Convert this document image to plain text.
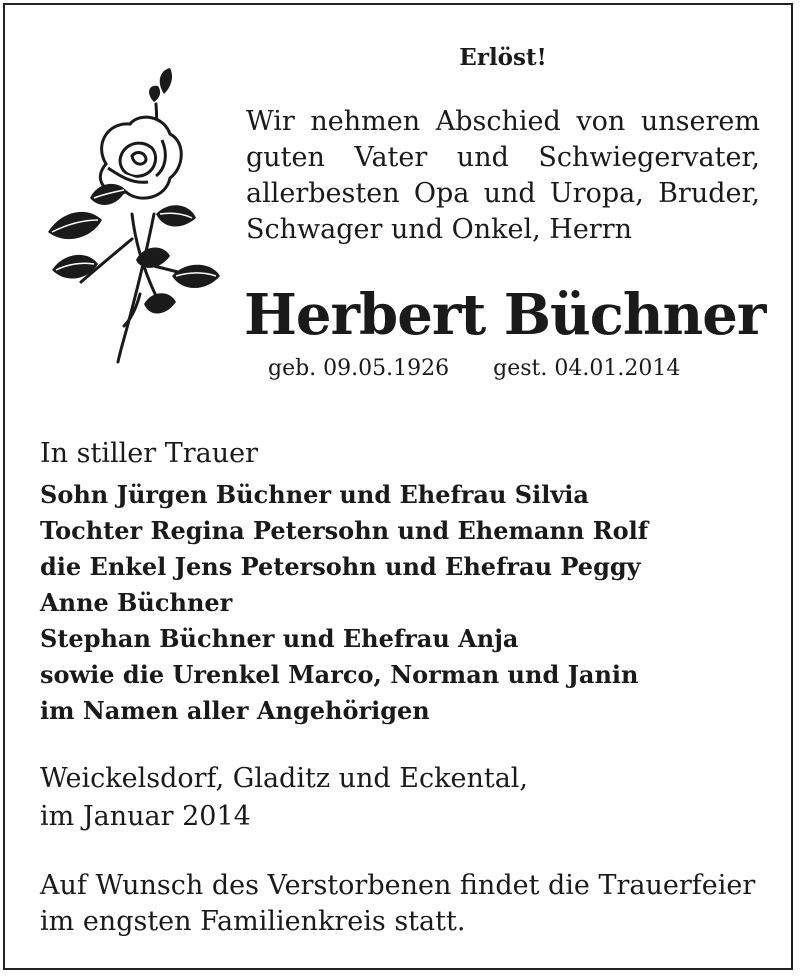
Erlöst!
Wir nehmen Abschied von unserem
guten Vater und Schwiegervater,
allerbesten Opa und Uropa, Bruder,
Schwager und Onkel, Herrn
Herbert Büchner
geb. 09.05.1926 gest. 04.01.2014
In stiller Trauer
Sohn Jürgen Büchner und Ehefrau Silvia
Tochter Regina Petersohn und Ehemann Rolf
die Enkel Jens Petersohn und Ehefrau Peggy
Anne Büchner
Stephan Büchner und Ehefrau Anja
sowie die Urenkel Marco, Norman und Janin
im Namen aller Angehörigen
Weickelsdorf, Gladitz und Eckental,
im Januar 2014
Auf Wunsch des Verstorbenen findet die Trauerfeier
im engsten Familienkreis statt.
